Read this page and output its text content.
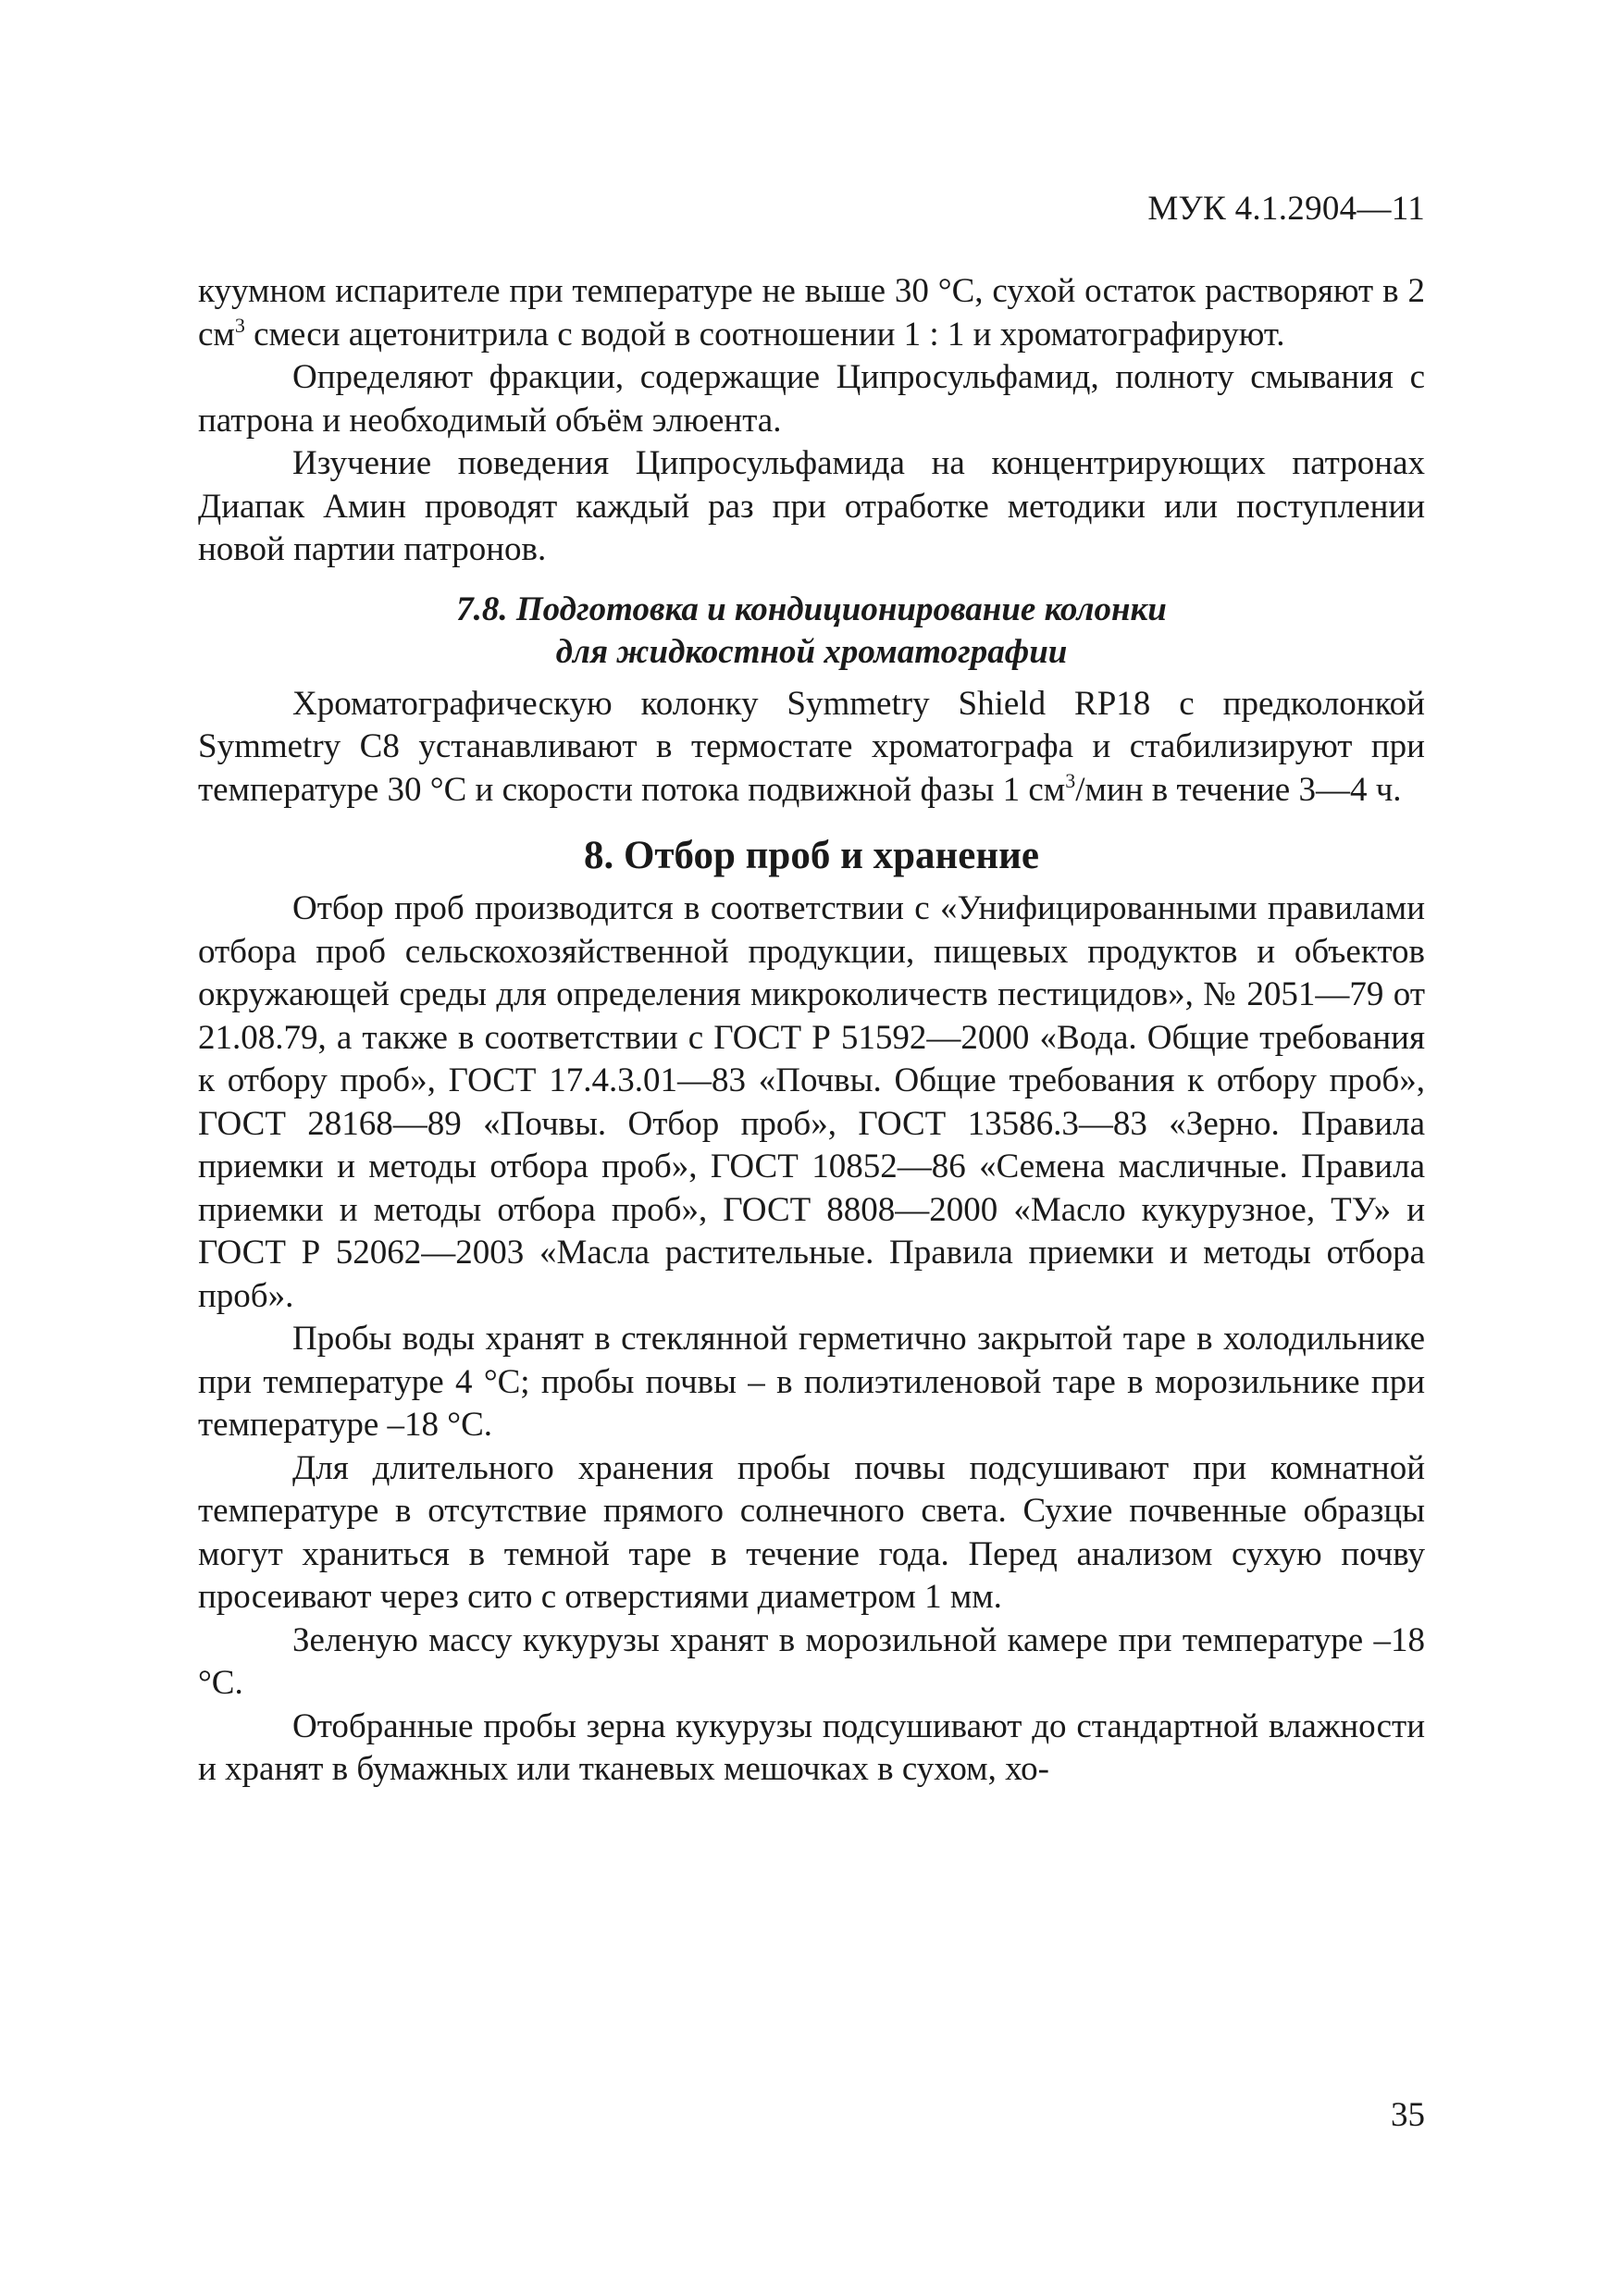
МУК 4.1.2904—11

куумном испарителе при температуре не выше 30 °С, сухой остаток растворяют в 2 $см^3$ смеси ацетонитрила с водой в соотношении 1 : 1 и хроматографируют.

Определяют фракции, содержащие Ципросульфамид, полноту смывания с патрона и необходимый объём элюента.

Изучение поведения Ципросульфамида на концентрирующих патронах Диапак Амин проводят каждый раз при отработке методики или поступлении новой партии патронов.

7.8. Подготовка и кондиционирование колонки
для жидкостной хроматографии

Хроматографическую колонку Symmetry Shield RP18 с предколонкой Symmetry C8 устанавливают в термостате хроматографа и стабилизируют при температуре 30 °С и скорости потока подвижной фазы 1 $см^3$/мин в течение 3—4 ч.

8. Отбор проб и хранение

Отбор проб производится в соответствии с «Унифицированными правилами отбора проб сельскохозяйственной продукции, пищевых продуктов и объектов окружающей среды для определения микроколичеств пестицидов», № 2051—79 от 21.08.79, а также в соответствии с ГОСТ Р 51592—2000 «Вода. Общие требования к отбору проб», ГОСТ 17.4.3.01—83 «Почвы. Общие требования к отбору проб», ГОСТ 28168—89 «Почвы. Отбор проб», ГОСТ 13586.3—83 «Зерно. Правила приемки и методы отбора проб», ГОСТ 10852—86 «Семена масличные. Правила приемки и методы отбора проб», ГОСТ 8808—2000 «Масло кукурузное, ТУ» и ГОСТ Р 52062—2003 «Масла растительные. Правила приемки и методы отбора проб».

Пробы воды хранят в стеклянной герметично закрытой таре в холодильнике при температуре 4 °С; пробы почвы – в полиэтиленовой таре в морозильнике при температуре –18 °С.

Для длительного хранения пробы почвы подсушивают при комнатной температуре в отсутствие прямого солнечного света. Сухие почвенные образцы могут храниться в темной таре в течение года. Перед анализом сухую почву просеивают через сито с отверстиями диаметром 1 мм.

Зеленую массу кукурузы хранят в морозильной камере при температуре –18 °С.

Отобранные пробы зерна кукурузы подсушивают до стандартной влажности и хранят в бумажных или тканевых мешочках в сухом, хо-

35
